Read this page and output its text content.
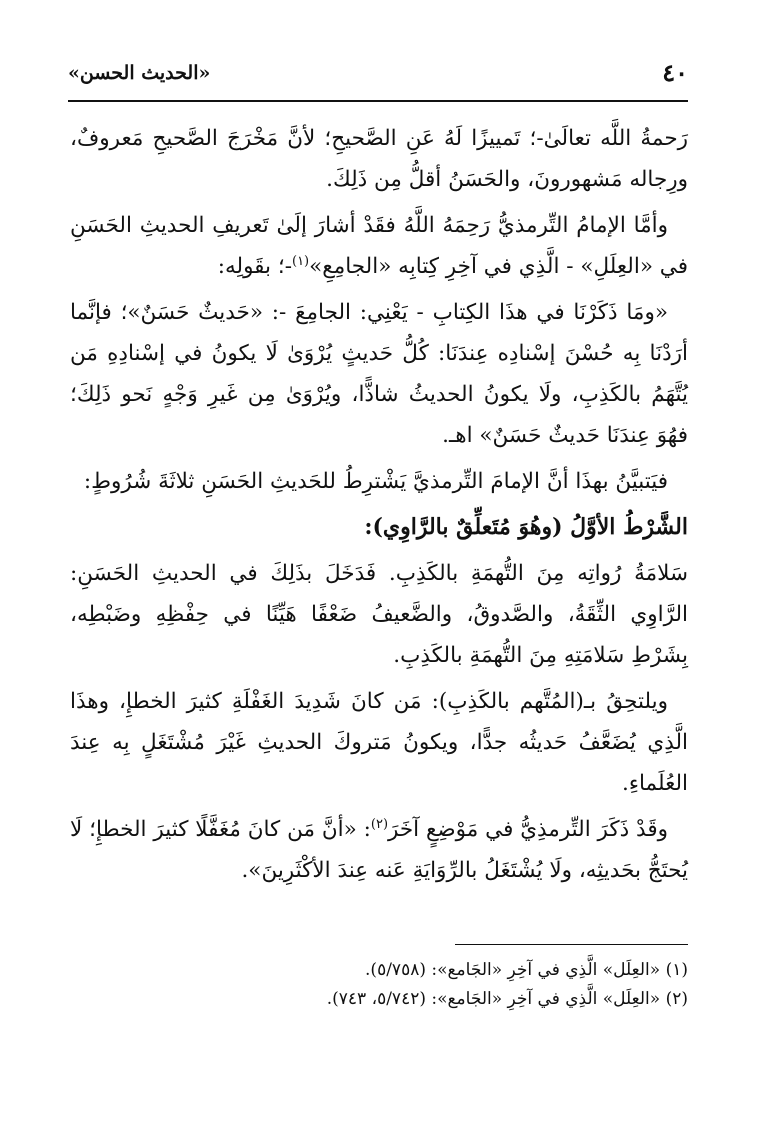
٤٠
«الحديث الحسن»

رَحمةُ اللَّه تعالَىٰ-؛ تَمييزًا لَهُ عَنِ الصَّحيحِ؛ لأنَّ مَخْرَجَ الصَّحيحِ مَعروفٌ، ورِجاله مَشهورونَ، والحَسَنُ أقلُّ مِن ذَلِكَ.

وأمَّا الإمامُ التِّرمذيُّ رَحِمَهُ اللَّهُ فقَدْ أشارَ إلَىٰ تَعريفِ الحديثِ الحَسَنِ في «العِلَلِ» - الَّذِي في آخِرِ كِتابِه «الجامِعِ»$^{(١)}$-؛ بقَولِه:

«ومَا ذَكَرْنَا في هذَا الكِتابِ - يَعْنِي: الجامِعَ -: «حَديثٌ حَسَنٌ»؛ فإنَّما أرَدْنَا بِه حُسْنَ إسْنادِه عِندَنَا: كُلُّ حَديثٍ يُرْوَىٰ لَا يكونُ في إسْنادِهِ مَن يُتَّهَمُ بالكَذِبِ، ولَا يكونُ الحديثُ شاذًّا، ويُرْوَىٰ مِن غَيرِ وَجْهٍ نَحو ذَلِكَ؛ فهُوَ عِندَنَا حَديثٌ حَسَنٌ» اهـ.

فيَتبيَّنُ بهذَا أنَّ الإمامَ التِّرمذيَّ يَشْترِطُ للحَديثِ الحَسَنِ ثلاثَةَ شُرُوطٍ:

الشَّرْطُ الأوَّلُ (وهُوَ مُتَعلِّقٌ بالرَّاوِي):

سَلامَةُ رُواتِه مِنَ التُّهمَةِ بالكَذِبِ. فَدَخَلَ بذَلِكَ في الحديثِ الحَسَنِ: الرَّاوِي الثِّقَةُ، والصَّدوقُ، والضَّعيفُ ضَعْفًا هَيِّنًا في حِفْظِهِ وضَبْطِه، بِشَرْطِ سَلامَتِهِ مِنَ التُّهمَةِ بالكَذِبِ.

ويلتحِقُ بـ(المُتَّهم بالكَذِبِ): مَن كانَ شَدِيدَ الغَفْلَةِ كثيرَ الخطإِ، وهذَا الَّذِي يُضَعَّفُ حَديثُه جدًّا، ويكونُ مَتروكَ الحديثِ غَيْرَ مُشْتَغَلٍ بِه عِندَ العُلَماءِ.

وقَدْ ذَكَرَ التِّرمذِيُّ في مَوْضِعٍ آخَرَ$^{(٢)}$: «أنَّ مَن كانَ مُغَفَّلًا كثيرَ الخطإِ؛ لَا يُحتَجُّ بحَديثِه، ولَا يُشْتَغَلُ بالرِّوَايَةِ عَنه عِندَ الأكْثَرِينَ».

(١) «العِلَل» الَّذِي في آخِرِ «الجَامع»: (٥/٧٥٨).
(٢) «العِلَل» الَّذِي في آخِرِ «الجَامع»: (٥/٧٤٢، ٧٤٣).
